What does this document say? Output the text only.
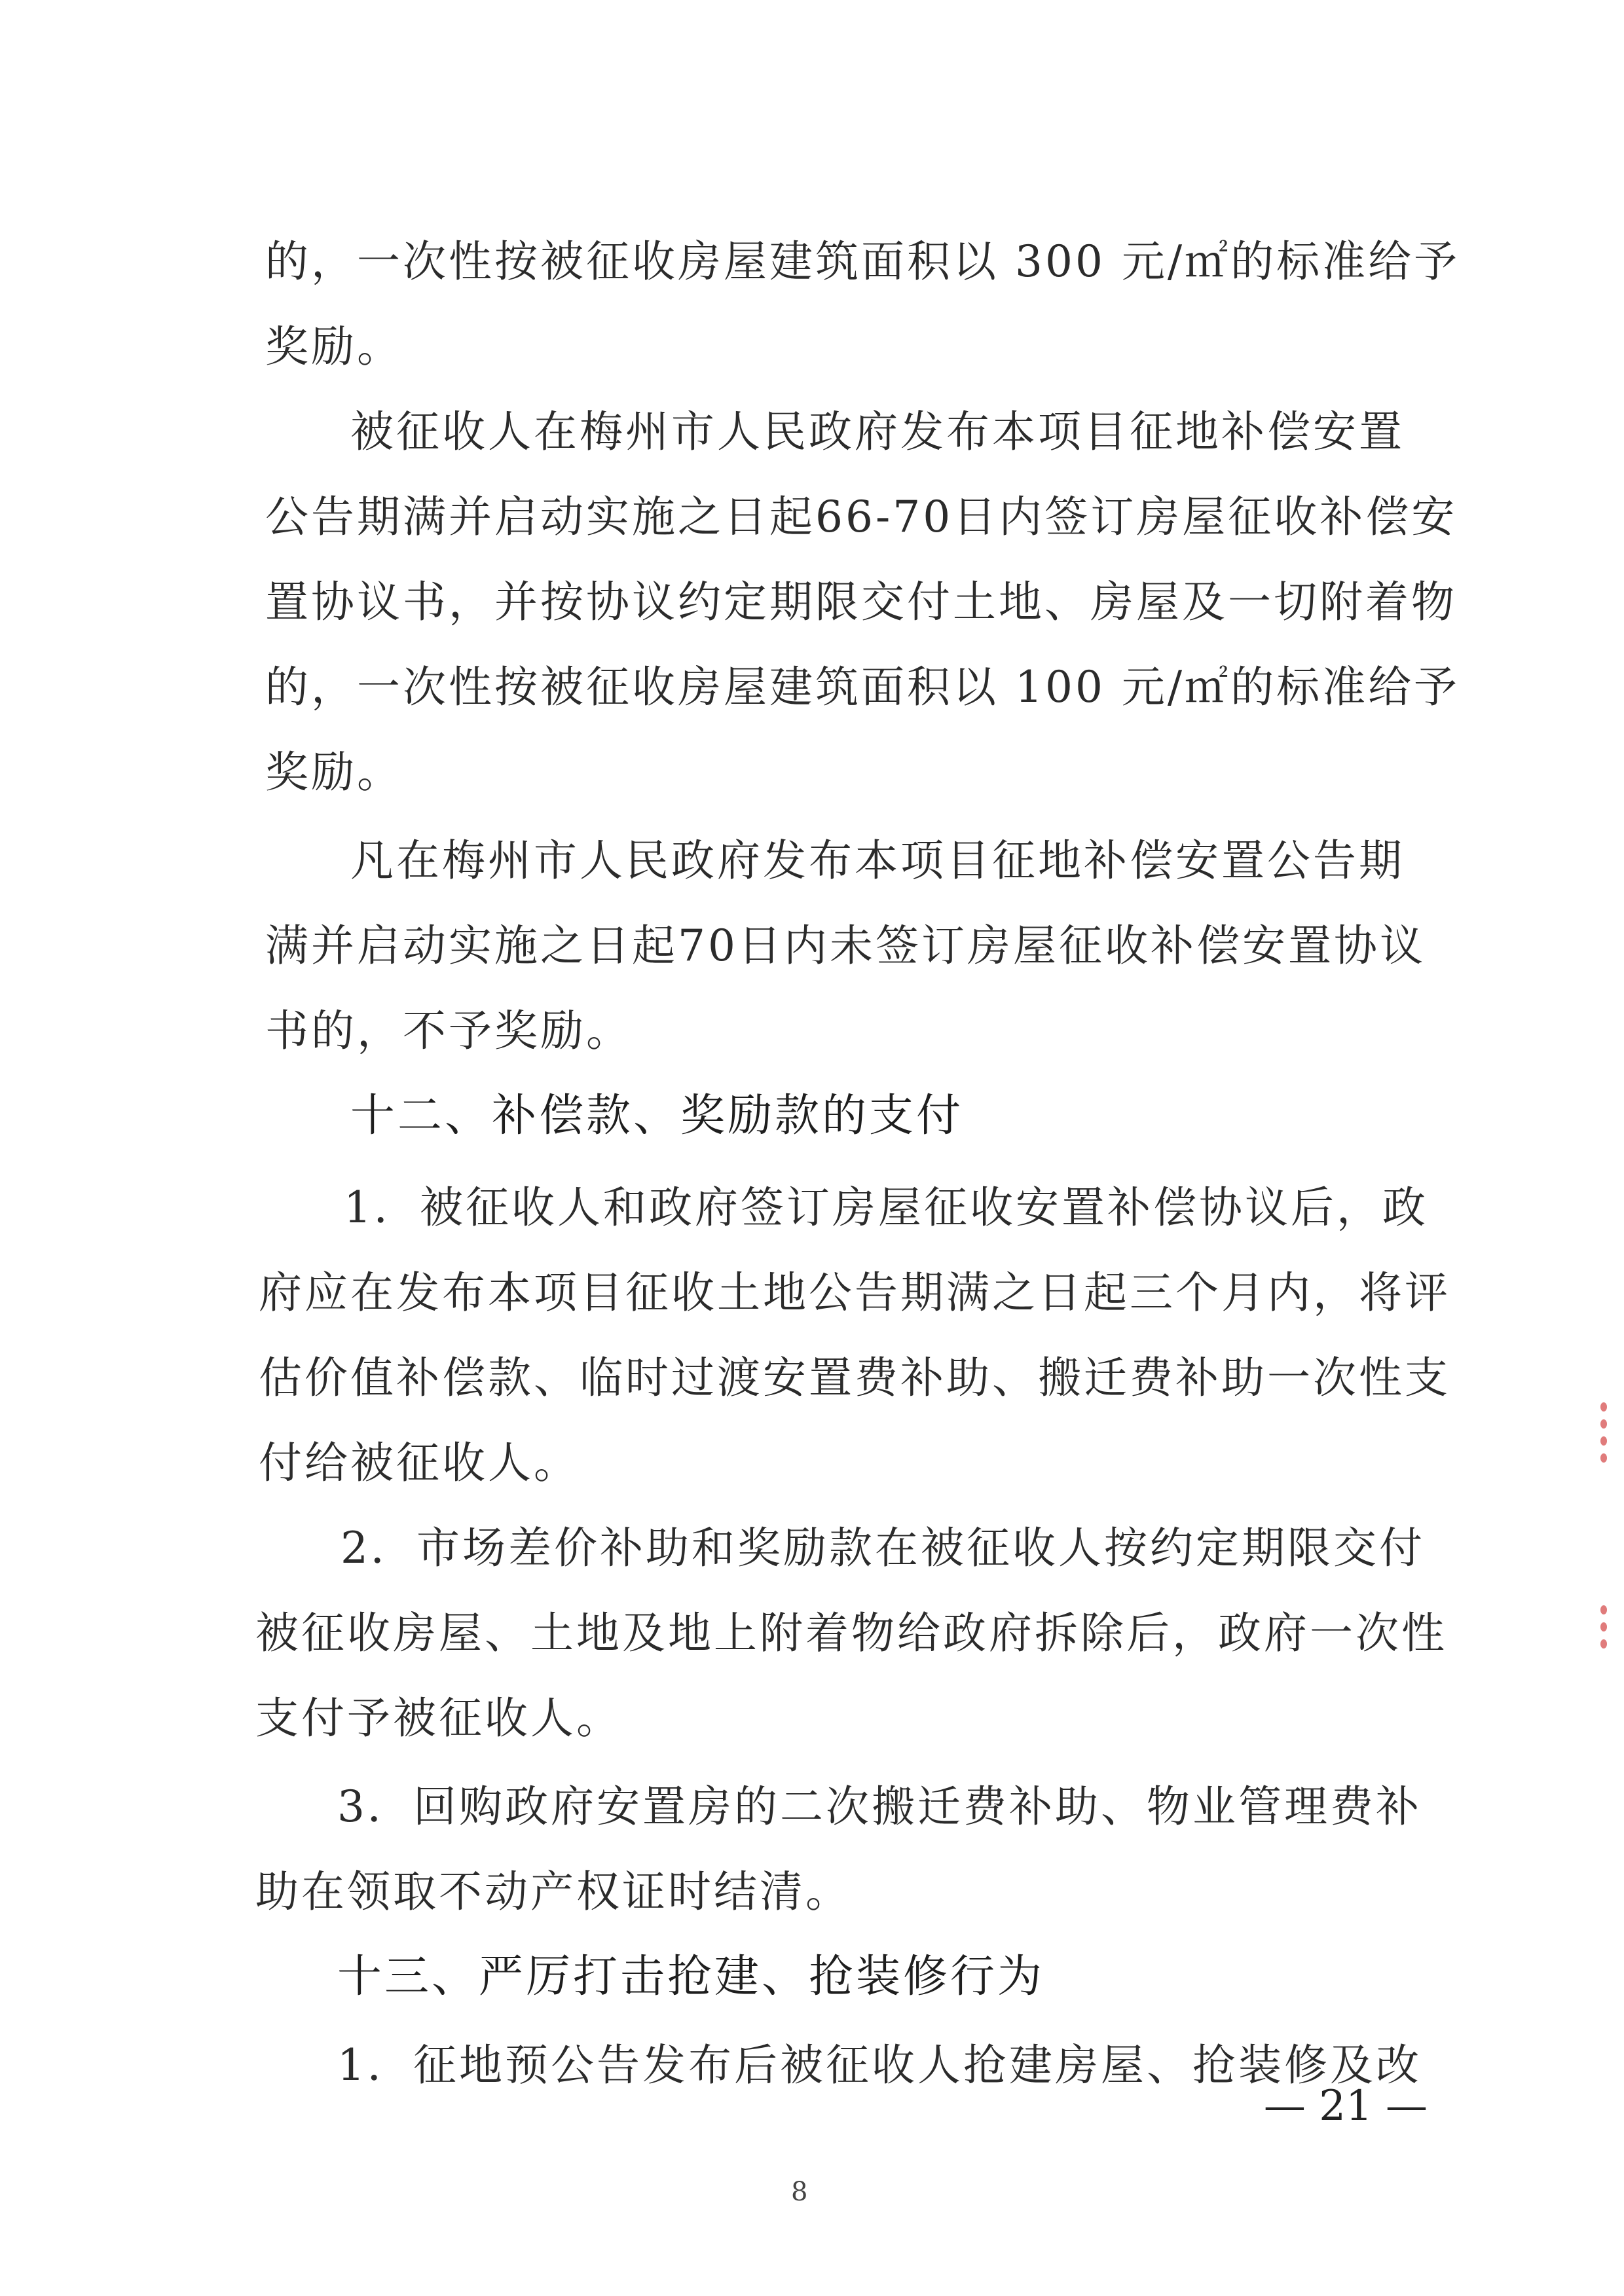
的，一次性按被征收房屋建筑面积以 300 元/㎡的标准给予
奖励。
被征收人在梅州市人民政府发布本项目征地补偿安置
公告期满并启动实施之日起66-70日内签订房屋征收补偿安
置协议书，并按协议约定期限交付土地、房屋及一切附着物
的，一次性按被征收房屋建筑面积以 100 元/㎡的标准给予
奖励。
凡在梅州市人民政府发布本项目征地补偿安置公告期
满并启动实施之日起70日内未签订房屋征收补偿安置协议
书的，不予奖励。
十二、补偿款、奖励款的支付
1．被征收人和政府签订房屋征收安置补偿协议后，政
府应在发布本项目征收土地公告期满之日起三个月内，将评
估价值补偿款、临时过渡安置费补助、搬迁费补助一次性支
付给被征收人。
2．市场差价补助和奖励款在被征收人按约定期限交付
被征收房屋、土地及地上附着物给政府拆除后，政府一次性
支付予被征收人。
3．回购政府安置房的二次搬迁费补助、物业管理费补
助在领取不动产权证时结清。
十三、严厉打击抢建、抢装修行为
1．征地预公告发布后被征收人抢建房屋、抢装修及改
— 21 —
8
